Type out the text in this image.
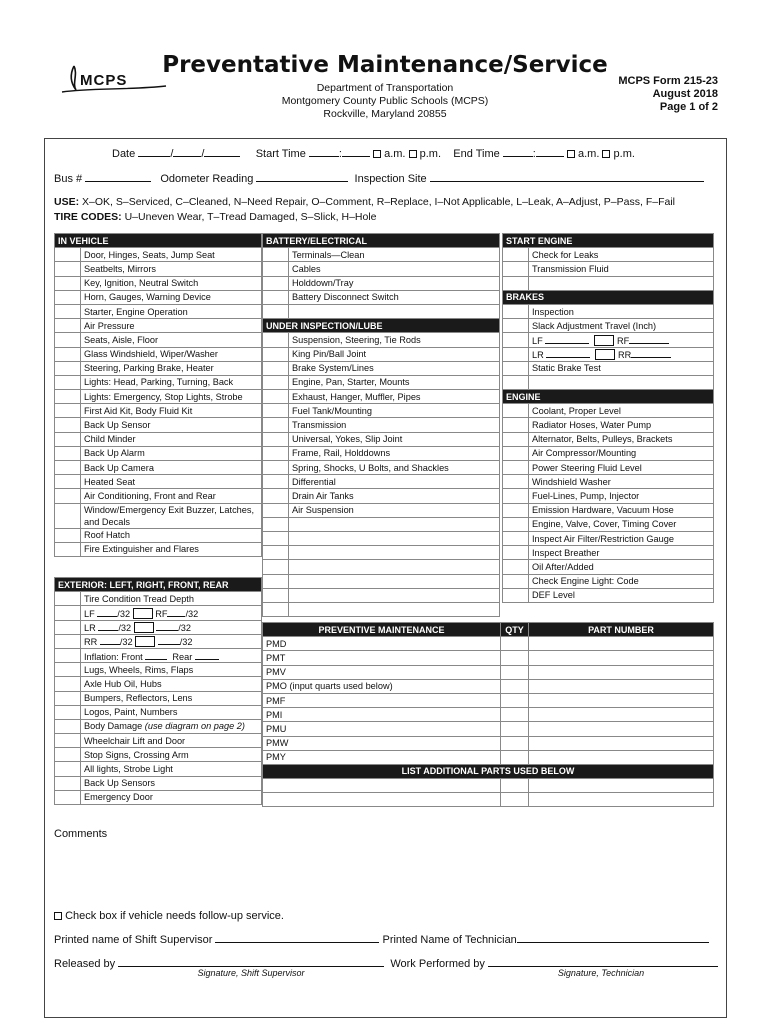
MCPS
Preventative Maintenance/Service
Department of Transportation
Montgomery County Public Schools (MCPS)
Rockville, Maryland 20855
MCPS Form 215-23
August 2018
Page 1 of 2
Date	/	/	Start Time	:	a.m. p.m. End Time	:	a.m. p.m.
Bus #	Odometer Reading	Inspection Site
USE: X–OK, S–Serviced, C–Cleaned, N–Need Repair, O–Comment, R–Replace, I–Not Applicable, L–Leak, A–Adjust, P–Pass, F–Fail
TIRE CODES: U–Uneven Wear, T–Tread Damaged, S–Slick, H–Hole
IN VEHICLE	
	Door, Hinges, Seats, Jump Seat
	Seatbelts, Mirrors
	Key, Ignition, Neutral Switch
	Horn, Gauges, Warning Device
	Starter, Engine Operation
	Air Pressure
	Seats, Aisle, Floor
	Glass Windshield, Wiper/Washer
	Steering, Parking Brake, Heater
	Lights: Head, Parking, Turning, Back
	Lights: Emergency, Stop Lights, Strobe
	First Aid Kit, Body Fluid Kit
	Back Up Sensor
	Child Minder
	Back Up Alarm
	Back Up Camera
	Heated Seat
	Air Conditioning, Front and Rear
	Window/Emergency Exit Buzzer, Latches, and Decals
	Roof Hatch
	Fire Extinguisher and Flares
EXTERIOR: LEFT, RIGHT, FRONT, REAR	
	Tire Condition Tread Depth
	LF /32 RF /32
	LR /32 /32
	RR /32 /32
	Inflation: Front Rear
	Lugs, Wheels, Rims, Flaps
	Axle Hub Oil, Hubs
	Bumpers, Reflectors, Lens
	Logos, Paint, Numbers
	Body Damage (use diagram on page 2)
	Wheelchair Lift and Door
	Stop Signs, Crossing Arm
	All lights, Strobe Light
	Back Up Sensors
	Emergency Door
BATTERY/ELECTRICAL	
	Terminals—Clean
	Cables
	Holddown/Tray
	Battery Disconnect Switch

UNDER INSPECTION/LUBE	
	Suspension, Steering, Tie Rods
	King Pin/Ball Joint
	Brake System/Lines
	Engine, Pan, Starter, Mounts
	Exhaust, Hanger, Muffler, Pipes
	Fuel Tank/Mounting
	Transmission
	Universal, Yokes, Slip Joint
	Frame, Rail, Holddowns
	Spring, Shocks, U Bolts, and Shackles
	Differential
	Drain Air Tanks
	Air Suspension

START ENGINE	
	Check for Leaks
	Transmission Fluid

BRAKES	
	Inspection
	Slack Adjustment Travel (Inch)
	LF RF
	LR RR
	Static Brake Test

ENGINE	
	Coolant, Proper Level
	Radiator Hoses, Water Pump
	Alternator, Belts, Pulleys, Brackets
	Air Compressor/Mounting
	Power Steering Fluid Level
	Windshield Washer
	Fuel-Lines, Pump, Injector
	Emission Hardware, Vacuum Hose
	Engine, Valve, Cover, Timing Cover
	Inspect Air Filter/Restriction Gauge
	Inspect Breather
	Oil After/Added
	Check Engine Light: Code
	DEF Level
PREVENTIVE MAINTENANCE	QTY	PART NUMBER
PMD		
PMT		
PMV		
PMO (input quarts used below)		
PMF		
PMI		
PMU		
PMW		
PMY		
LIST ADDITIONAL PARTS USED BELOW		

Comments
Check box if vehicle needs follow-up service.
Printed name of Shift Supervisor	Printed Name of Technician
Released by	Work Performed by
Signature, Shift Supervisor	Signature, Technician
